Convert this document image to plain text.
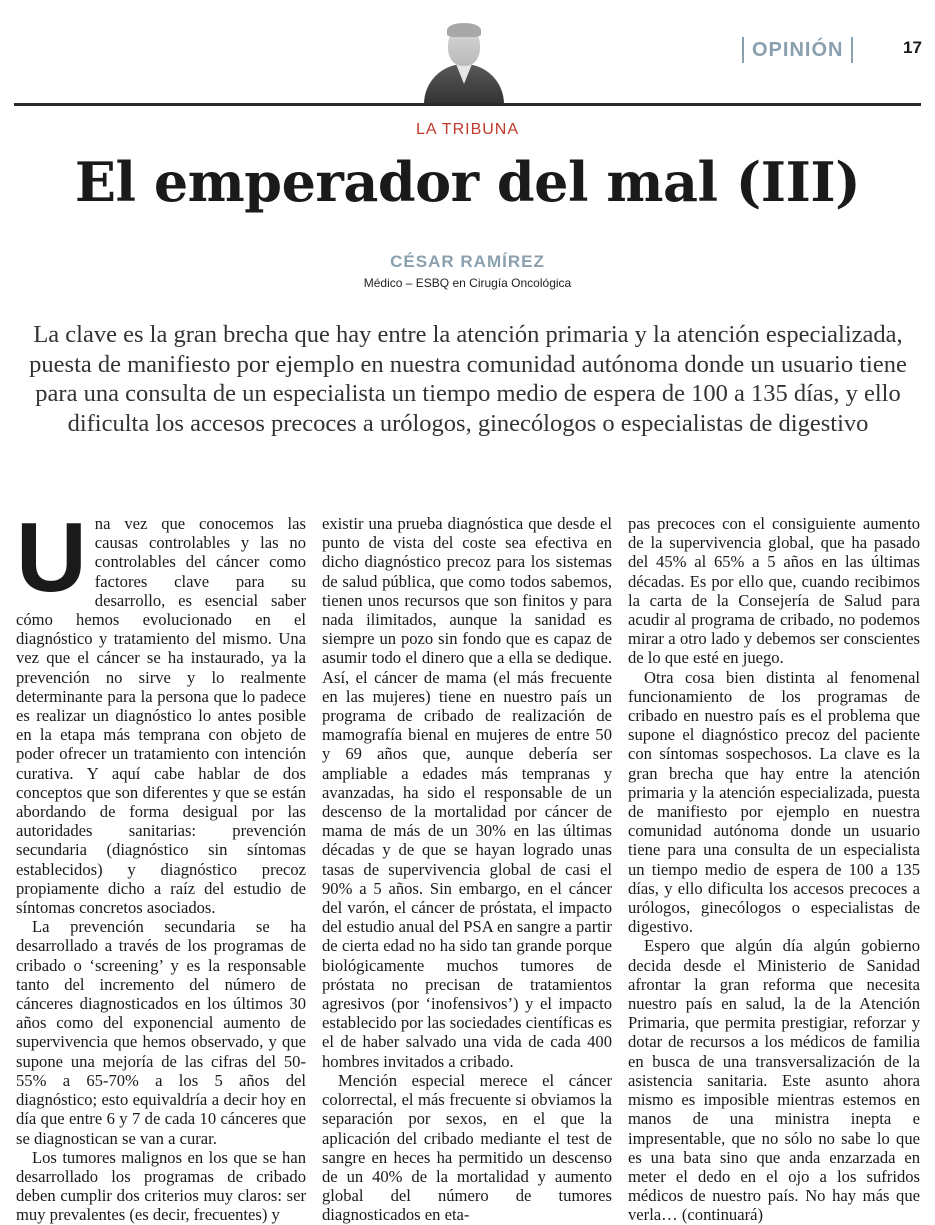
OPINIÓN	17
LA TRIBUNA
El emperador del mal (III)
CÉSAR RAMÍREZ
Médico – ESBQ en Cirugía Oncológica
La clave es la gran brecha que hay entre la atención primaria y la atención especializada, puesta de manifiesto por ejemplo en nuestra comunidad autónoma donde un usuario tiene para una consulta de un especialista un tiempo medio de espera de 100 a 135 días, y ello dificulta los accesos precoces a urólogos, ginecólogos o especialistas de digestivo
U na vez que conocemos las causas controlables y las no controlables del cáncer como factores clave para su desarrollo, es esencial saber cómo hemos evolucionado en el diagnóstico y tratamiento del mismo. Una vez que el cáncer se ha instaurado, ya la prevención no sirve y lo realmente determinante para la persona que lo padece es realizar un diagnóstico lo antes posible en la etapa más temprana con objeto de poder ofrecer un tratamiento con intención curativa. Y aquí cabe hablar de dos conceptos que son diferentes y que se están abordando de forma desigual por las autoridades sanitarias: prevención secundaria (diagnóstico sin síntomas establecidos) y diagnóstico precoz propiamente dicho a raíz del estudio de síntomas concretos asociados.

La prevención secundaria se ha desarrollado a través de los programas de cribado o ‘screening’ y es la responsable tanto del incremento del número de cánceres diagnosticados en los últimos 30 años como del exponencial aumento de supervivencia que hemos observado, y que supone una mejoría de las cifras del 50-55% a 65-70% a los 5 años del diagnóstico; esto equivaldría a decir hoy en día que entre 6 y 7 de cada 10 cánceres que se diagnostican se van a curar.

Los tumores malignos en los que se han desarrollado los programas de cribado deben cumplir dos criterios muy claros: ser muy prevalentes (es decir, frecuentes) y

existir una prueba diagnóstica que desde el punto de vista del coste sea efectiva en dicho diagnóstico precoz para los sistemas de salud pública, que como todos sabemos, tienen unos recursos que son finitos y para nada ilimitados, aunque la sanidad es siempre un pozo sin fondo que es capaz de asumir todo el dinero que a ella se dedique. Así, el cáncer de mama (el más frecuente en las mujeres) tiene en nuestro país un programa de cribado de realización de mamografía bienal en mujeres de entre 50 y 69 años que, aunque debería ser ampliable a edades más tempranas y avanzadas, ha sido el responsable de un descenso de la mortalidad por cáncer de mama de más de un 30% en las últimas décadas y de que se hayan logrado unas tasas de supervivencia global de casi el 90% a 5 años. Sin embargo, en el cáncer del varón, el cáncer de próstata, el impacto del estudio anual del PSA en sangre a partir de cierta edad no ha sido tan grande porque biológicamente muchos tumores de próstata no precisan de tratamientos agresivos (por ‘inofensivos’) y el impacto establecido por las sociedades científicas es el de haber salvado una vida de cada 400 hombres invitados a cribado.

Mención especial merece el cáncer colorrectal, el más frecuente si obviamos la separación por sexos, en el que la aplicación del cribado mediante el test de sangre en heces ha permitido un descenso de un 40% de la mortalidad y aumento global del número de tumores diagnosticados en eta-

pas precoces con el consiguiente aumento de la supervivencia global, que ha pasado del 45% al 65% a 5 años en las últimas décadas. Es por ello que, cuando recibimos la carta de la Consejería de Salud para acudir al programa de cribado, no podemos mirar a otro lado y debemos ser conscientes de lo que esté en juego.

Otra cosa bien distinta al fenomenal funcionamiento de los programas de cribado en nuestro país es el problema que supone el diagnóstico precoz del paciente con síntomas sospechosos. La clave es la gran brecha que hay entre la atención primaria y la atención especializada, puesta de manifiesto por ejemplo en nuestra comunidad autónoma donde un usuario tiene para una consulta de un especialista un tiempo medio de espera de 100 a 135 días, y ello dificulta los accesos precoces a urólogos, ginecólogos o especialistas de digestivo.

Espero que algún día algún gobierno decida desde el Ministerio de Sanidad afrontar la gran reforma que necesita nuestro país en salud, la de la Atención Primaria, que permita prestigiar, reforzar y dotar de recursos a los médicos de familia en busca de una transversalización de la asistencia sanitaria. Este asunto ahora mismo es imposible mientras estemos en manos de una ministra inepta e impresentable, que no sólo no sabe lo que es una bata sino que anda enzarzada en meter el dedo en el ojo a los sufridos médicos de nuestro país. No hay más que verla… (continuará)
